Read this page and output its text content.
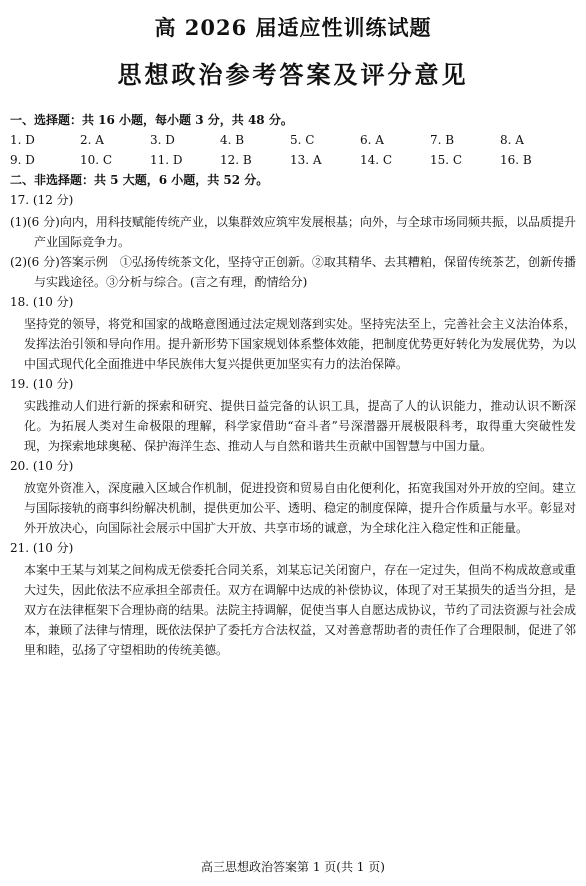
高 2026 届适应性训练试题
思想政治参考答案及评分意见
一、选择题：共 16 小题，每小题 3 分，共 48 分。
1. D	2. A	3. D	4. B	5. C	6. A	7. B	8. A
9. D	10. C	11. D	12. B	13. A	14. C	15. C	16. B
二、非选择题：共 5 大题，6 小题，共 52 分。
17. (12 分)

(1)(6 分)向内，用科技赋能传统产业，以集群效应筑牢发展根基；向外，与全球市场同频共振，以品质提升产业国际竞争力。

(2)(6 分)答案示例　①弘扬传统茶文化，坚持守正创新。②取其精华、去其糟粕，保留传统茶艺，创新传播与实践途径。③分析与综合。(言之有理，酌情给分)

18. (10 分)

坚持党的领导，将党和国家的战略意图通过法定规划落到实处。坚持宪法至上，完善社会主义法治体系，发挥法治引领和导向作用。提升新形势下国家规划体系整体效能，把制度优势更好转化为发展优势，为以中国式现代化全面推进中华民族伟大复兴提供更加坚实有力的法治保障。

19. (10 分)

实践推动人们进行新的探索和研究、提供日益完备的认识工具，提高了人的认识能力，推动认识不断深化。为拓展人类对生命极限的理解，科学家借助“奋斗者”号深潜器开展极限科考，取得重大突破性发现，为探索地球奥秘、保护海洋生态、推动人与自然和谐共生贡献中国智慧与中国力量。

20. (10 分)

放宽外资准入，深度融入区域合作机制，促进投资和贸易自由化便利化，拓宽我国对外开放的空间。建立与国际接轨的商事纠纷解决机制，提供更加公平、透明、稳定的制度保障，提升合作质量与水平。彰显对外开放决心，向国际社会展示中国扩大开放、共享市场的诚意，为全球化注入稳定性和正能量。

21. (10 分)

本案中王某与刘某之间构成无偿委托合同关系，刘某忘记关闭窗户，存在一定过失，但尚不构成故意或重大过失，因此依法不应承担全部责任。双方在调解中达成的补偿协议，体现了对王某损失的适当分担，是双方在法律框架下合理协商的结果。法院主持调解，促使当事人自愿达成协议，节约了司法资源与社会成本，兼顾了法律与情理，既依法保护了委托方合法权益，又对善意帮助者的责任作了合理限制，促进了邻里和睦，弘扬了守望相助的传统美德。

高三思想政治答案第 1 页(共 1 页)
